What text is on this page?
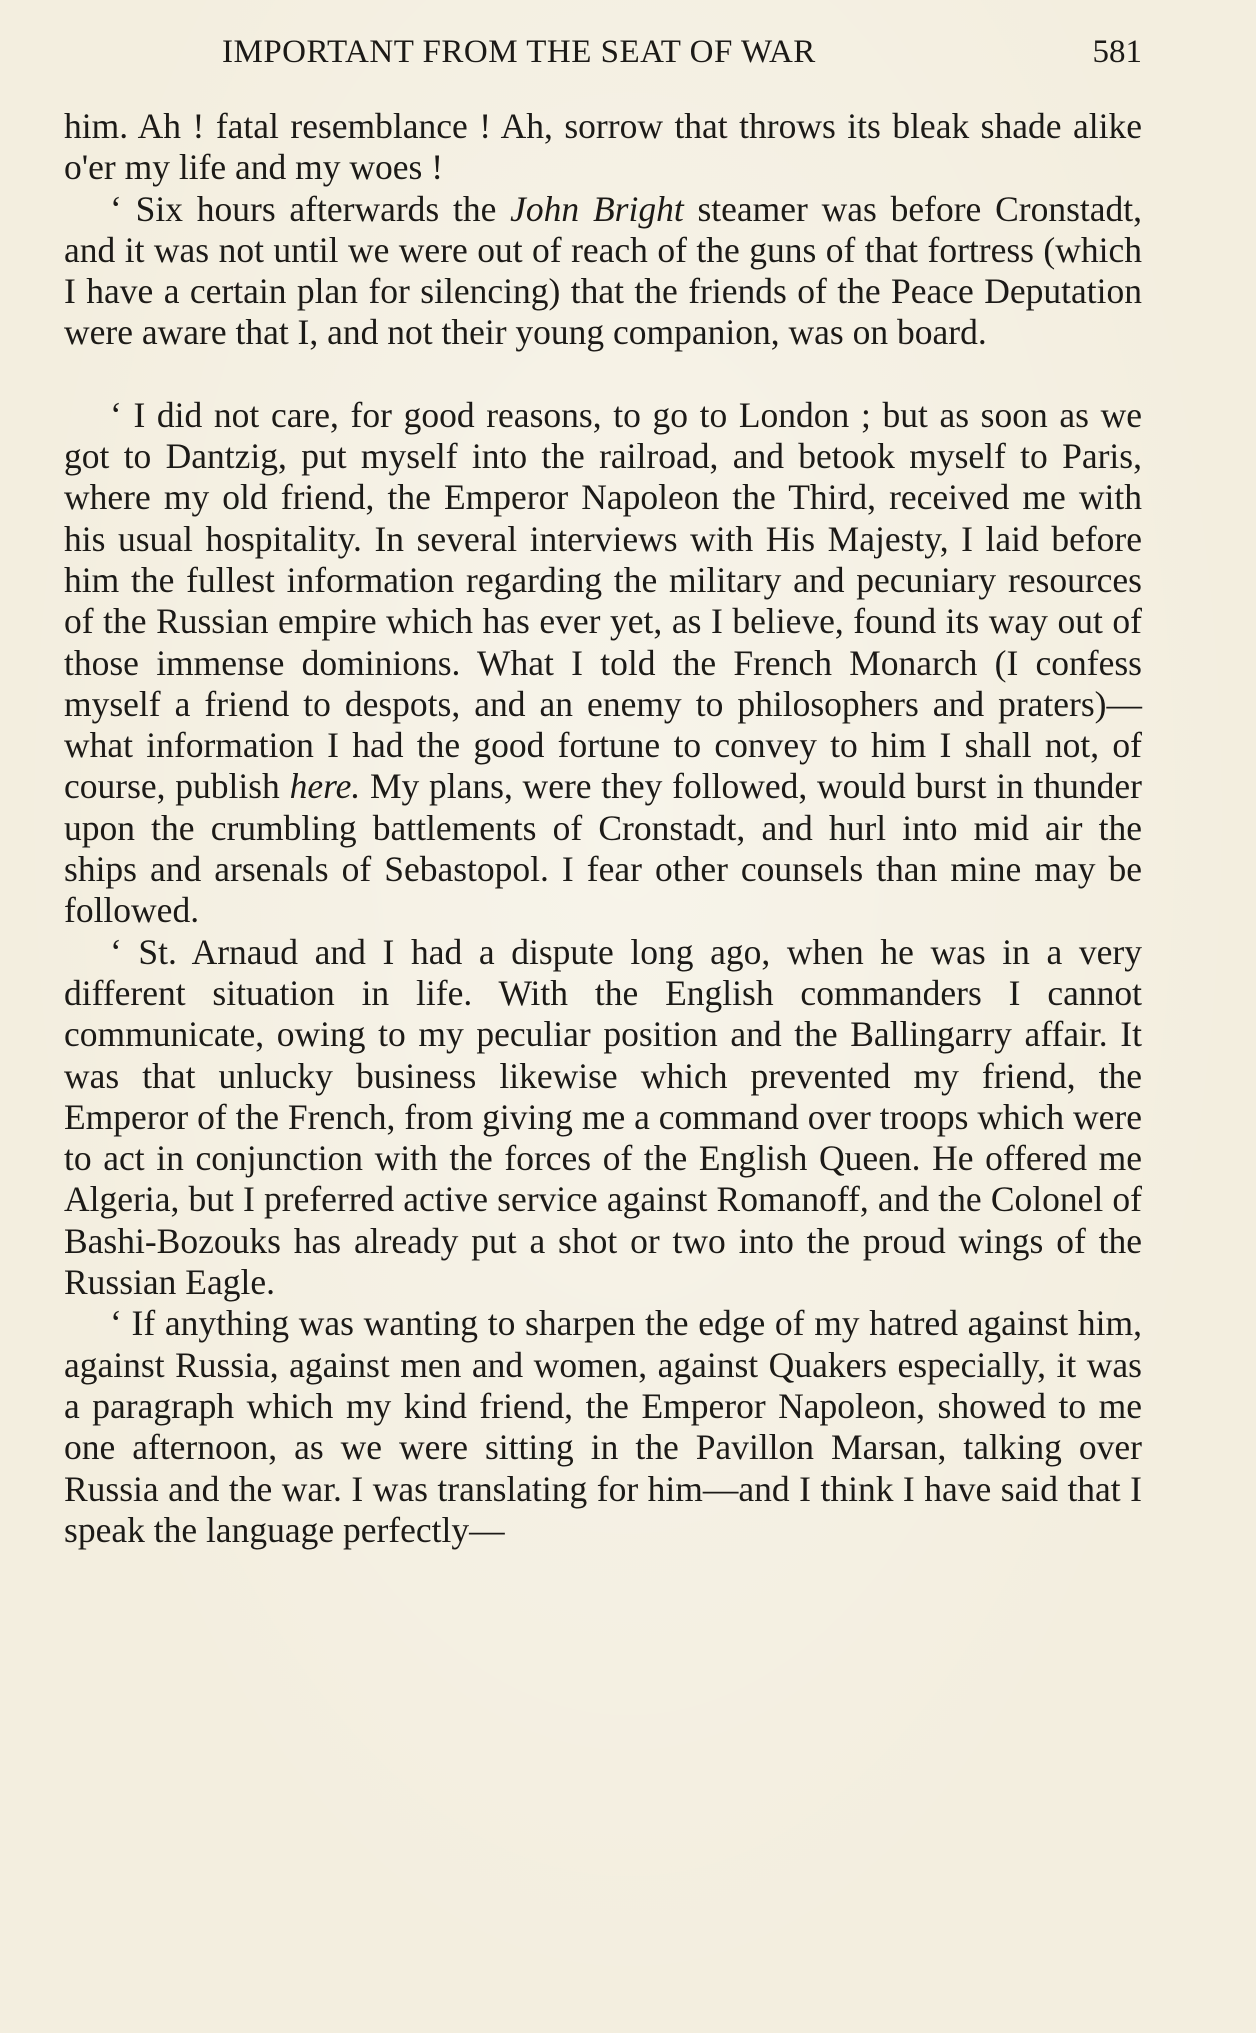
IMPORTANT FROM THE SEAT OF WAR	581

him. Ah ! fatal resemblance ! Ah, sorrow that throws its bleak shade alike o'er my life and my woes !

‘ Six hours afterwards the John Bright steamer was before Cronstadt, and it was not until we were out of reach of the guns of that fortress (which I have a certain plan for silencing) that the friends of the Peace Deputation were aware that I, and not their young companion, was on board.

‘ I did not care, for good reasons, to go to London ; but as soon as we got to Dantzig, put myself into the railroad, and betook myself to Paris, where my old friend, the Emperor Napoleon the Third, received me with his usual hospitality. In several interviews with His Majesty, I laid before him the fullest information regarding the military and pecuniary resources of the Russian empire which has ever yet, as I believe, found its way out of those immense dominions. What I told the French Monarch (I confess myself a friend to despots, and an enemy to philosophers and praters)—what information I had the good fortune to convey to him I shall not, of course, publish here. My plans, were they followed, would burst in thunder upon the crumbling battlements of Cronstadt, and hurl into mid air the ships and arsenals of Sebastopol. I fear other counsels than mine may be followed.

‘ St. Arnaud and I had a dispute long ago, when he was in a very different situation in life. With the English commanders I cannot communicate, owing to my peculiar position and the Ballingarry affair. It was that unlucky business likewise which prevented my friend, the Emperor of the French, from giving me a command over troops which were to act in conjunction with the forces of the English Queen. He offered me Algeria, but I preferred active service against Romanoff, and the Colonel of Bashi-Bozouks has already put a shot or two into the proud wings of the Russian Eagle.

‘ If anything was wanting to sharpen the edge of my hatred against him, against Russia, against men and women, against Quakers especially, it was a paragraph which my kind friend, the Emperor Napoleon, showed to me one afternoon, as we were sitting in the Pavillon Marsan, talking over Russia and the war. I was translating for him—and I think I have said that I speak the language perfectly—
